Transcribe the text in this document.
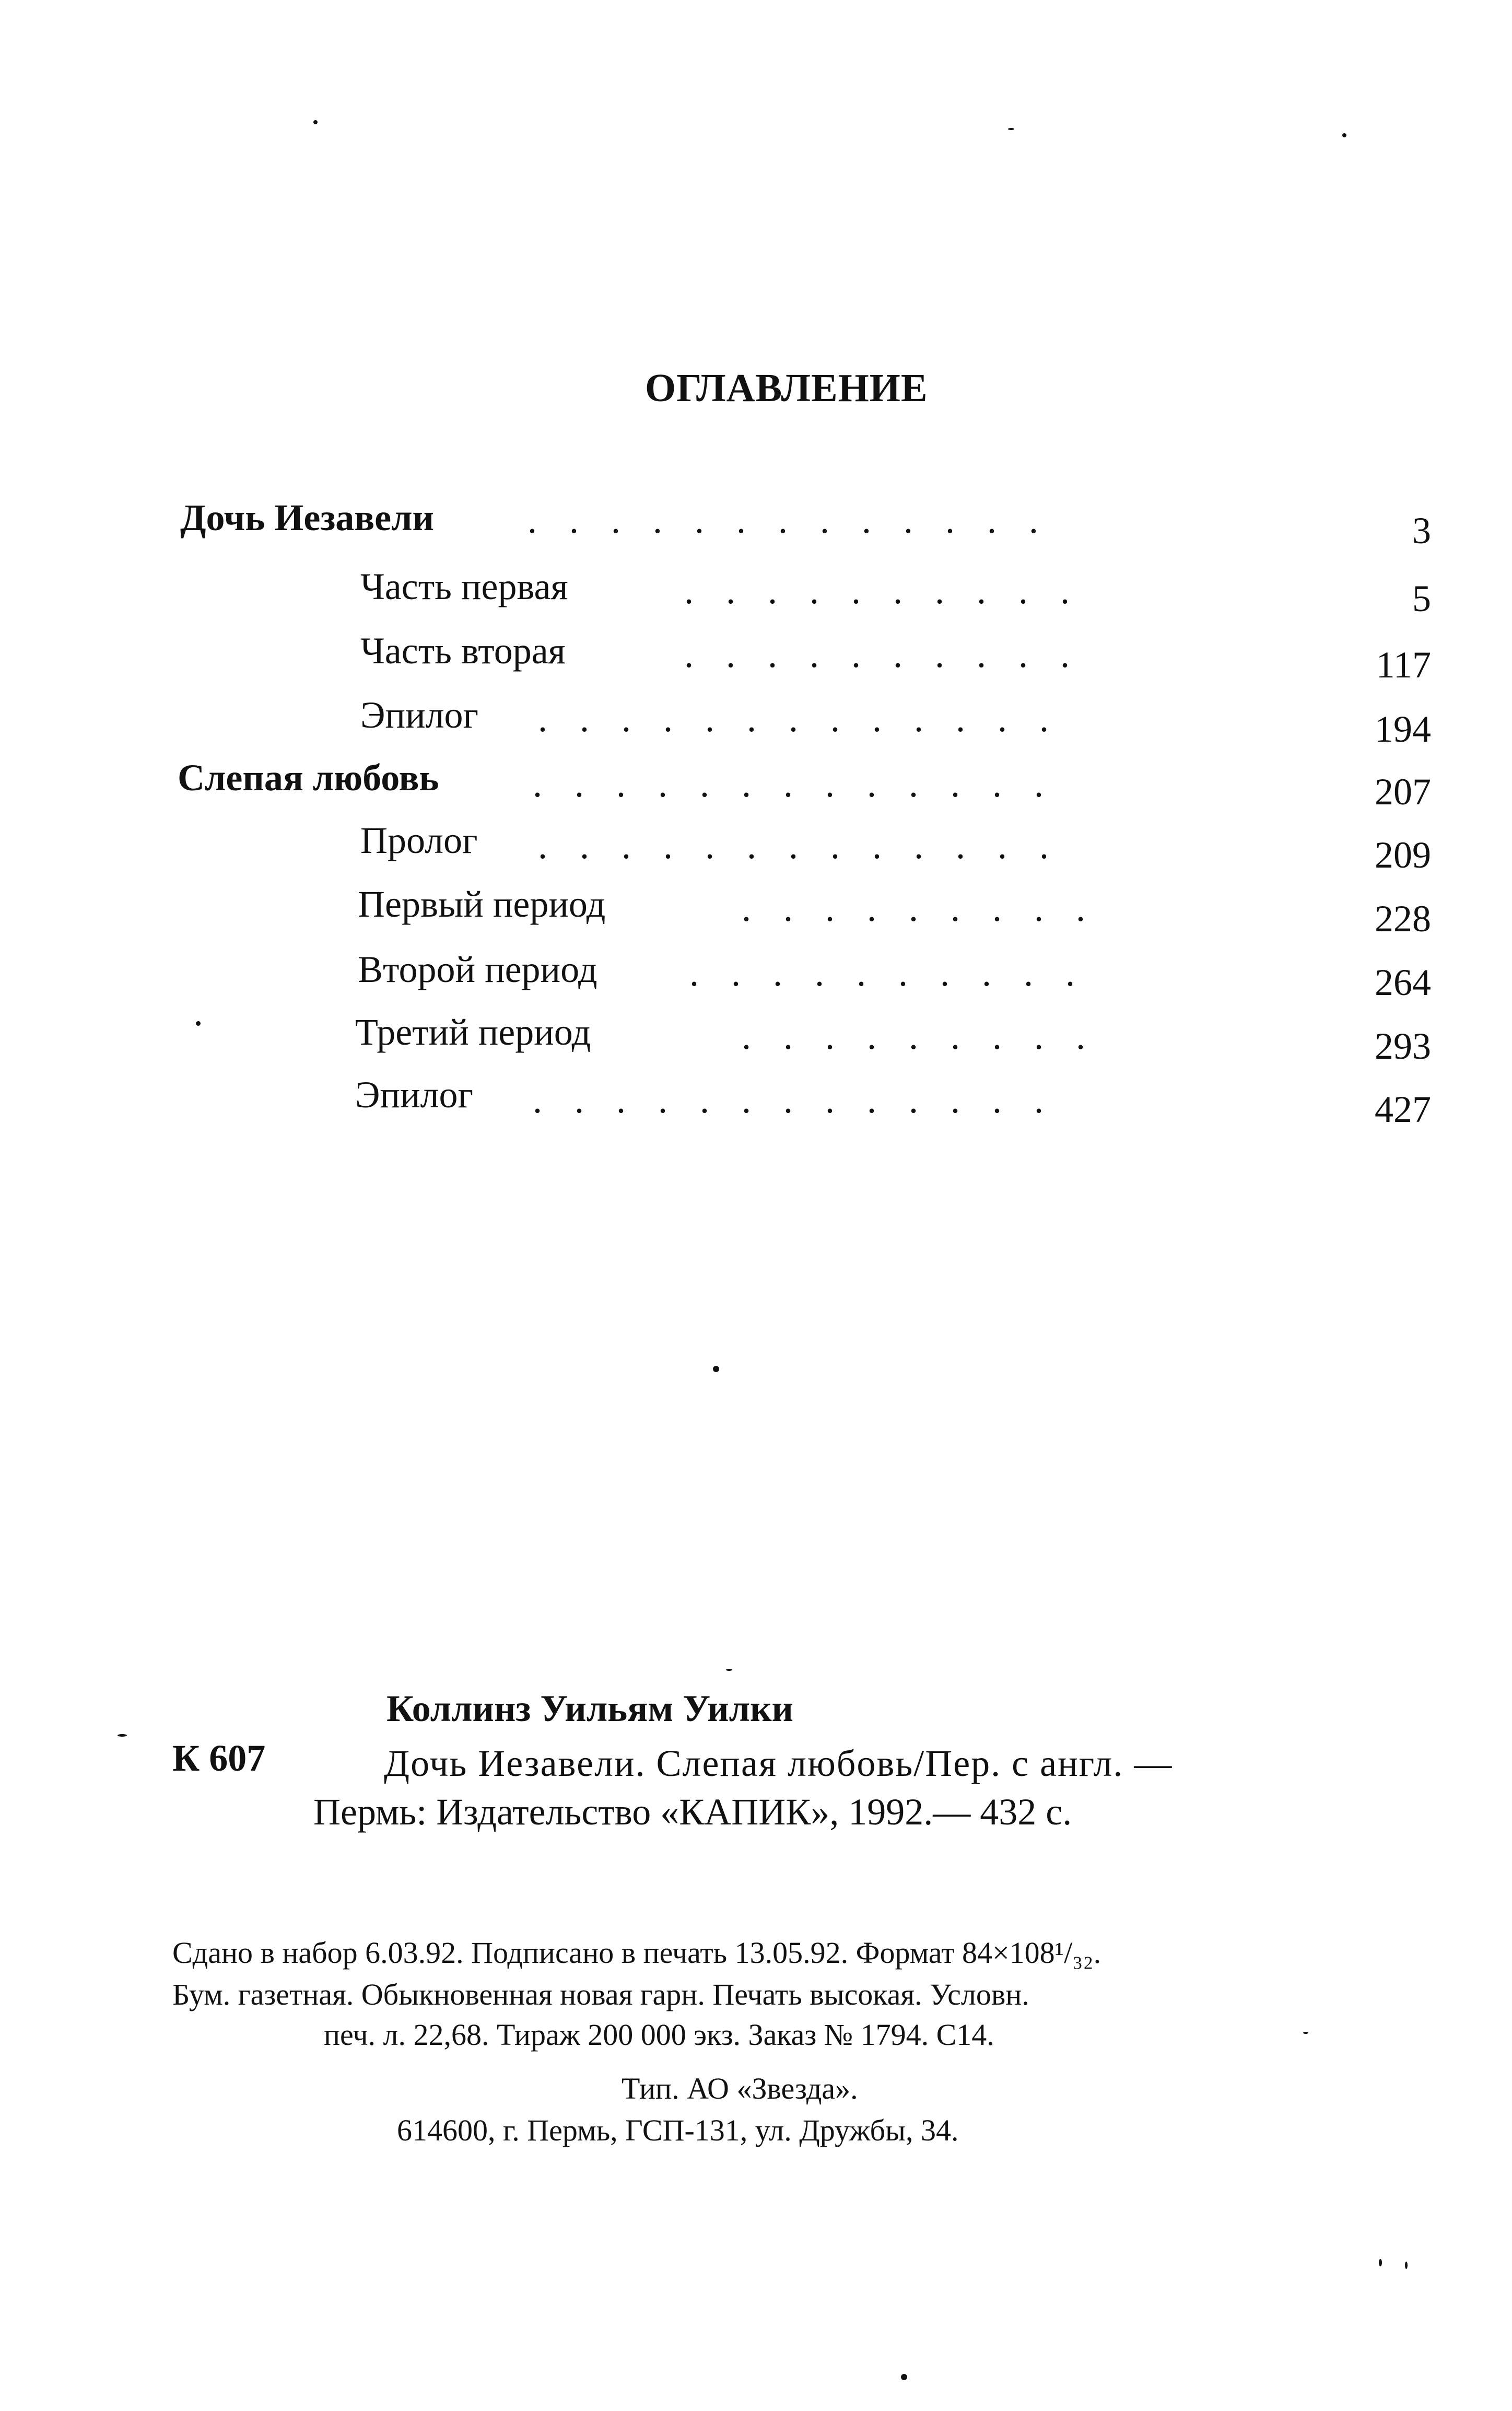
ОГЛАВЛЕНИЕ
Дочь Иезавели . . . . . . . . . . . . .	3
Часть первая	. . . . . . . . . .	5
Часть вторая	. . . . . . . . . .	117
Эпилог . . . . . . . . . . . . .	194
Слепая любовь . . . . . . . . . . . . .	207
Пролог . . . . . . . . . . . . .	209
Первый период	. . . . . . . . .	228
Второй период . . . . . . . . . .	264
Третий период	. . . . . . . . .	293
Эпилог . . . . . . . . . . . . .	427
Коллинз Уильям Уилки
К 607	Дочь Иезавели. Слепая любовь/Пер. с англ. —
Пермь: Издательство «КАПИК», 1992.— 432 с.
Сдано в набор 6.03.92. Подписано в печать 13.05.92. Формат 84×108¹/₃₂.
Бум. газетная. Обыкновенная новая гарн. Печать высокая. Условн.
печ. л. 22,68. Тираж 200 000 экз. Заказ № 1794. С14.
Тип. АО «Звезда».
614600, г. Пермь, ГСП-131, ул. Дружбы, 34.
